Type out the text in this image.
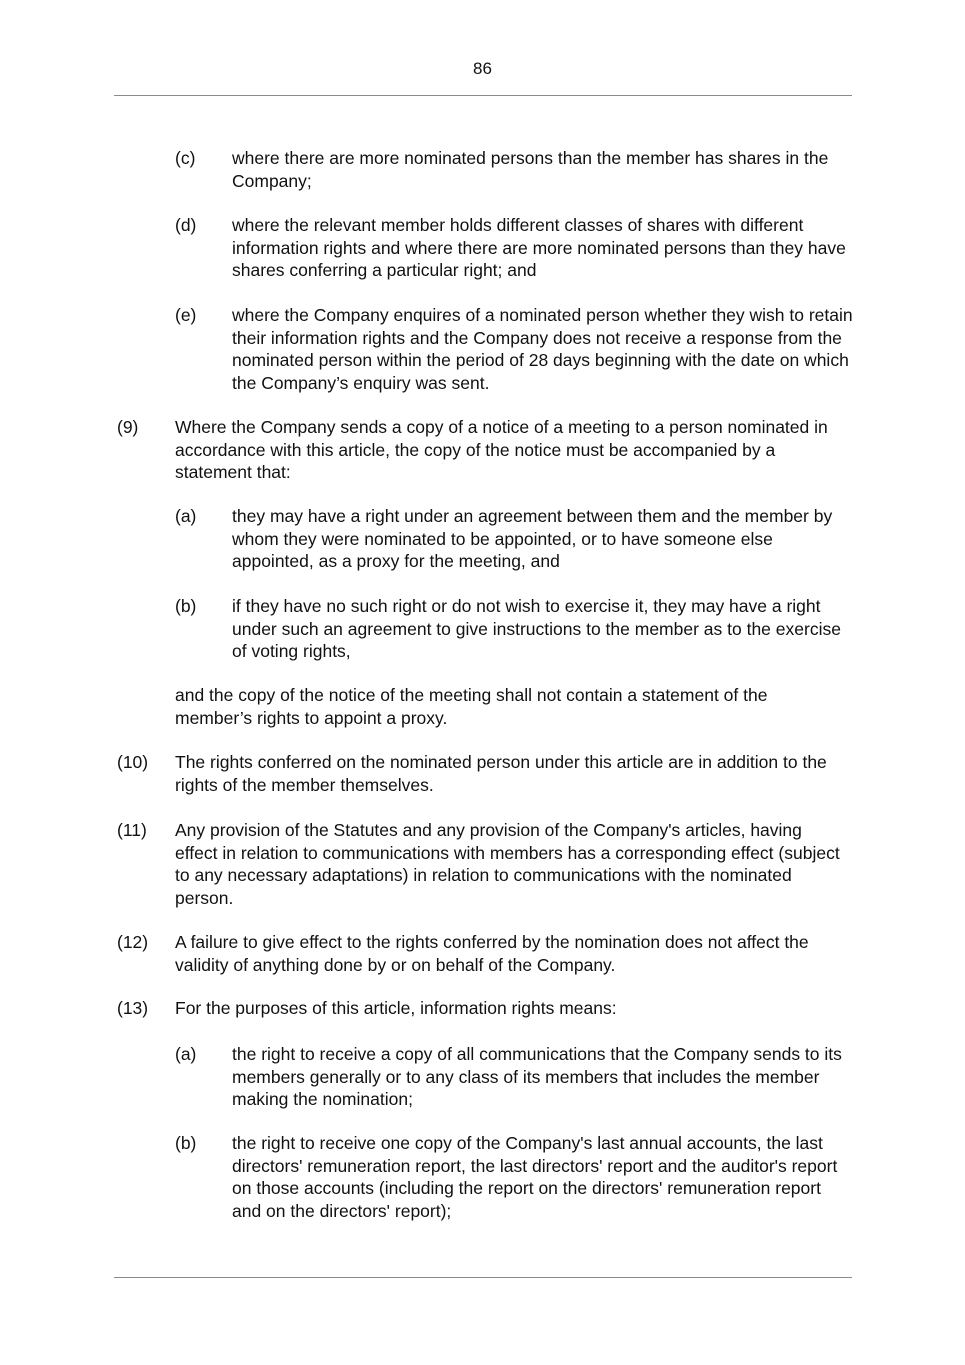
86
(c) where there are more nominated persons than the member has shares in the Company;
(d) where the relevant member holds different classes of shares with different information rights and where there are more nominated persons than they have shares conferring a particular right; and
(e) where the Company enquires of a nominated person whether they wish to retain their information rights and the Company does not receive a response from the nominated person within the period of 28 days beginning with the date on which the Company’s enquiry was sent.
(9) Where the Company sends a copy of a notice of a meeting to a person nominated in accordance with this article, the copy of the notice must be accompanied by a statement that:
(a) they may have a right under an agreement between them and the member by whom they were nominated to be appointed, or to have someone else appointed, as a proxy for the meeting, and
(b) if they have no such right or do not wish to exercise it, they may have a right under such an agreement to give instructions to the member as to the exercise of voting rights,
and the copy of the notice of the meeting shall not contain a statement of the member’s rights to appoint a proxy.
(10) The rights conferred on the nominated person under this article are in addition to the rights of the member themselves.
(11) Any provision of the Statutes and any provision of the Company's articles, having effect in relation to communications with members has a corresponding effect (subject to any necessary adaptations) in relation to communications with the nominated person.
(12) A failure to give effect to the rights conferred by the nomination does not affect the validity of anything done by or on behalf of the Company.
(13) For the purposes of this article, information rights means:
(a) the right to receive a copy of all communications that the Company sends to its members generally or to any class of its members that includes the member making the nomination;
(b) the right to receive one copy of the Company's last annual accounts, the last directors' remuneration report, the last directors' report and the auditor's report on those accounts (including the report on the directors' remuneration report and on the directors' report);
